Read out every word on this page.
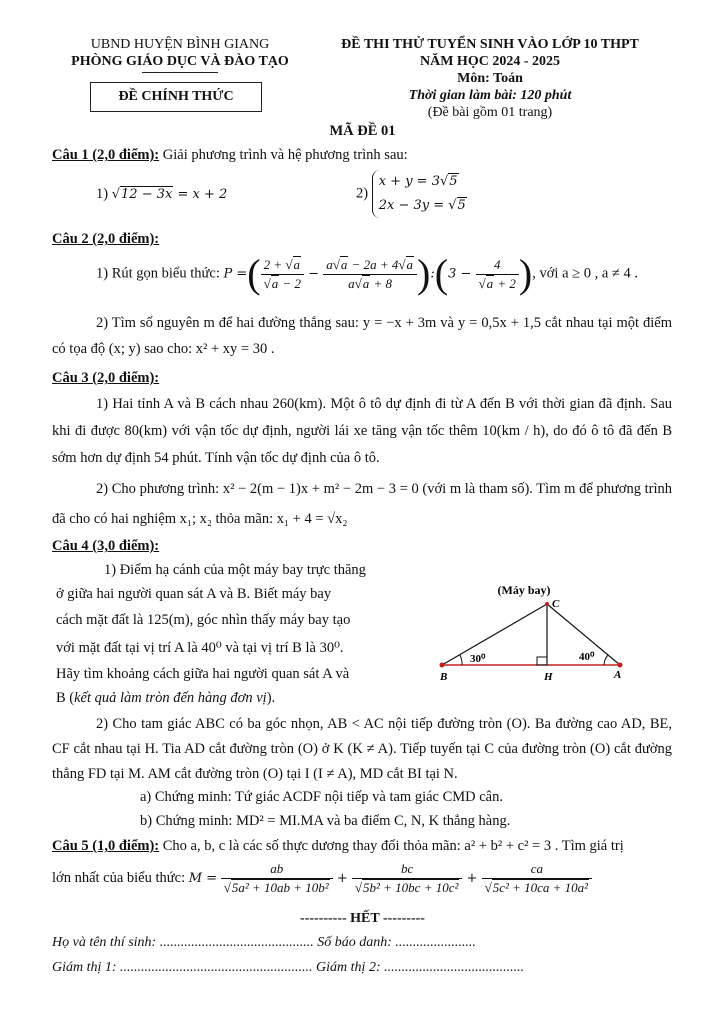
UBND HUYỆN BÌNH GIANG
PHÒNG GIÁO DỤC VÀ ĐÀO TẠO
ĐỀ CHÍNH THỨC
ĐỀ THI THỬ TUYỂN SINH VÀO LỚP 10 THPT
NĂM HỌC 2024 - 2025
Môn: Toán
Thời gian làm bài: 120 phút
(Đề bài gồm 01 trang)
MÃ ĐỀ 01
Câu 1 (2,0 điểm): Giải phương trình và hệ phương trình sau:
1) √12 − 3x = x + 2	2) x + y = 3√5
2x − 3y = √5
Câu 2 (2,0 điểm):
1) Rút gọn biểu thức: P =( $\frac{2 + √a}{√a - 2} - \frac{a√a - 2a + 4√a}{a√a + 8}$ ):(3 − $\frac{4}{√a + 2}$ ), với a ≥ 0 , a ≠ 4 .
2) Tìm số nguyên m để hai đường thẳng sau: y = −x + 3m và y = 0,5x + 1,5 cắt nhau tại một điểm có tọa độ (x; y) sao cho: x² + xy = 30 .
Câu 3 (2,0 điểm):
1) Hai tỉnh A và B cách nhau 260(km). Một ô tô dự định đi từ A đến B với thời gian đã định. Sau khi đi được 80(km) với vận tốc dự định, người lái xe tăng vận tốc thêm 10(km / h), do đó ô tô đã đến B sớm hơn dự định 54 phút. Tính vận tốc dự định của ô tô.
2) Cho phương trình: x² − 2(m − 1)x + m² − 2m − 3 = 0 (với m là tham số). Tìm m để phương trình đã cho có hai nghiệm x₁; x₂ thỏa mãn: x₁ + 4 = √x₂
Câu 4 (3,0 điểm):
1) Điểm hạ cánh của một máy bay trực thăng
ở giữa hai người quan sát A và B. Biết máy bay
cách mặt đất là 125(m), góc nhìn thấy máy bay tạo
với mặt đất tại vị trí A là 40⁰ và tại vị trí B là 30⁰.
Hãy tìm khoảng cách giữa hai người quan sát A và
B (kết quả làm tròn đến hàng đơn vị).
(Máy bay)
C
B	H	A
30⁰	40⁰
2) Cho tam giác ABC có ba góc nhọn, AB < AC nội tiếp đường tròn (O). Ba đường cao AD, BE, CF cắt nhau tại H. Tia AD cắt đường tròn (O) ở K (K ≠ A). Tiếp tuyến tại C của đường tròn (O) cắt đường thẳng FD tại M. AM cắt đường tròn (O) tại I (I ≠ A), MD cắt BI tại N.
a) Chứng minh: Tứ giác ACDF nội tiếp và tam giác CMD cân.
b) Chứng minh: MD² = MI.MA và ba điểm C, N, K thẳng hàng.
Câu 5 (1,0 điểm): Cho a, b, c là các số thực dương thay đổi thỏa mãn: a² + b² + c² = 3 . Tìm giá trị
lớn nhất của biểu thức: $M = \frac{ab}{\text{√5a² + 10ab + 10b²}} + \frac{bc}{\text{√5b² + 10bc + 10c²}} + \frac{ca}{\text{√5c² + 10ca + 10a²}}$
---------- HẾT ---------
Họ và tên thí sinh: ............................................ Số báo danh: .......................
Giám thị 1: ....................................................... Giám thị 2: ........................................
